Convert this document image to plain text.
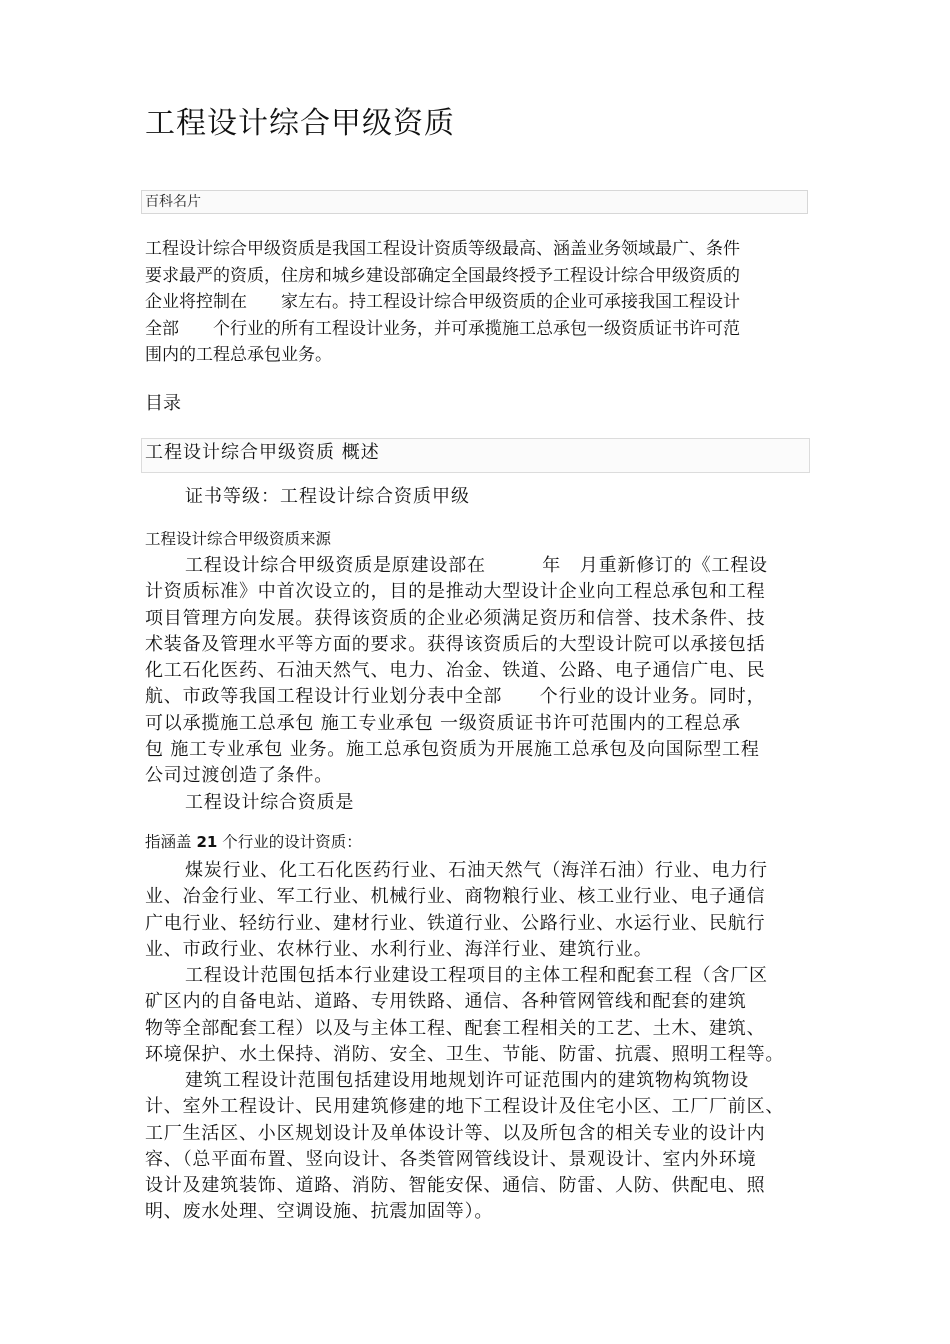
工程设计综合甲级资质
百科名片
工程设计综合甲级资质是我国工程设计资质等级最高、涵盖业务领域最广、条件
要求最严的资质，住房和城乡建设部确定全国最终授予工程设计综合甲级资质的
企业将控制在　　家左右。持工程设计综合甲级资质的企业可承接我国工程设计
全部　　个行业的所有工程设计业务，并可承揽施工总承包一级资质证书许可范
围内的工程总承包业务。
目录
工程设计综合甲级资质 概述
证书等级：工程设计综合资质甲级
工程设计综合甲级资质来源
工程设计综合甲级资质是原建设部在　　　年　月重新修订的《工程设
计资质标准》中首次设立的，目的是推动大型设计企业向工程总承包和工程
项目管理方向发展。获得该资质的企业必须满足资历和信誉、技术条件、技
术装备及管理水平等方面的要求。获得该资质后的大型设计院可以承接包括
化工石化医药、石油天然气、电力、冶金、铁道、公路、电子通信广电、民
航、市政等我国工程设计行业划分表中全部　　个行业的设计业务。同时，
可以承揽施工总承包 施工专业承包 一级资质证书许可范围内的工程总承
包 施工专业承包 业务。施工总承包资质为开展施工总承包及向国际型工程
公司过渡创造了条件。
工程设计综合资质是
指涵盖 21 个行业的设计资质：
煤炭行业、化工石化医药行业、石油天然气（海洋石油）行业、电力行
业、冶金行业、军工行业、机械行业、商物粮行业、核工业行业、电子通信
广电行业、轻纺行业、建材行业、铁道行业、公路行业、水运行业、民航行
业、市政行业、农林行业、水利行业、海洋行业、建筑行业。
工程设计范围包括本行业建设工程项目的主体工程和配套工程（含厂区
矿区内的自备电站、道路、专用铁路、通信、各种管网管线和配套的建筑
物等全部配套工程）以及与主体工程、配套工程相关的工艺、土木、建筑、
环境保护、水土保持、消防、安全、卫生、节能、防雷、抗震、照明工程等。
建筑工程设计范围包括建设用地规划许可证范围内的建筑物构筑物设
计、室外工程设计、民用建筑修建的地下工程设计及住宅小区、工厂厂前区、
工厂生活区、小区规划设计及单体设计等、以及所包含的相关专业的设计内
容、（总平面布置、竖向设计、各类管网管线设计、景观设计、室内外环境
设计及建筑装饰、道路、消防、智能安保、通信、防雷、人防、供配电、照
明、废水处理、空调设施、抗震加固等）。
